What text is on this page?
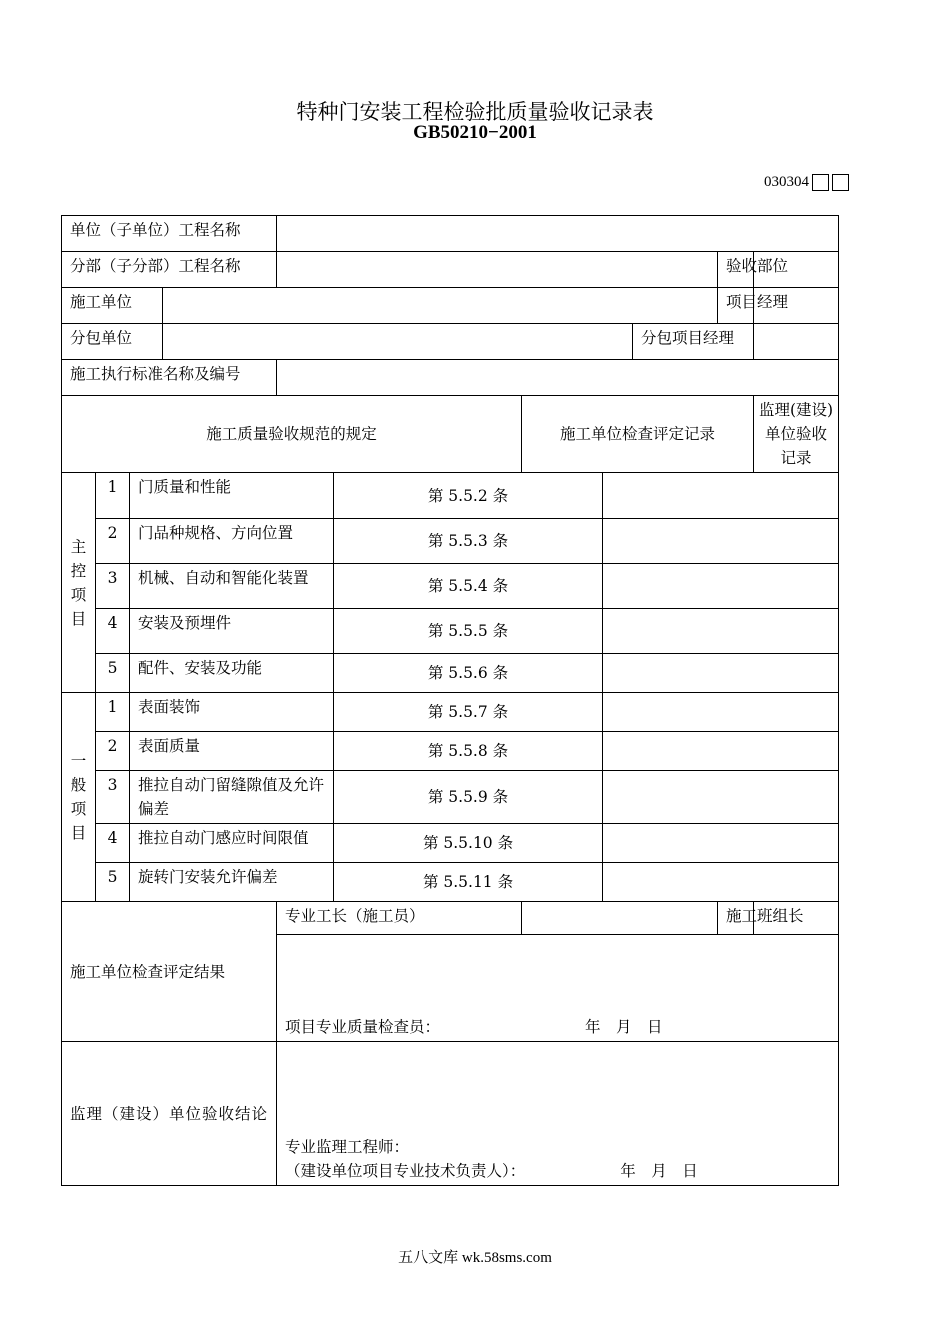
特种门安装工程检验批质量验收记录表
GB50210−2001
030304
单位（子单位）工程名称											
分部（子分部）工程名称									验收部位		
施工单位									项目经理		
分包单位								分包项目经理			
施工执行标准名称及编号											
施工质量验收规范的规定						施工单位检查评定记录				监理(建设)单位验收记录	
主控项目	1	门质量和性能			第 5.5.2 条						
	2	门品种规格、方向位置			第 5.5.3 条						
	3	机械、自动和智能化装置			第 5.5.4 条						
	4	安装及预埋件			第 5.5.5 条						
	5	配件、安装及功能			第 5.5.6 条						
一般项目	1	表面装饰			第 5.5.7 条						
	2	表面质量			第 5.5.8 条						
	3	推拉自动门留缝隙值及允许偏差			第 5.5.9 条						
	4	推拉自动门感应时间限值			第 5.5.10 条						
	5	旋转门安装允许偏差			第 5.5.11 条						
施工单位检查评定结果				专业工长（施工员）					施工班组长		
				项目专业质量检查员： 年　月　日							
监理（建设）单位验收结论				专业监理工程师：
（建设单位项目专业技术负责人）： 年　月　日							
五八文库 wk.58sms.com
